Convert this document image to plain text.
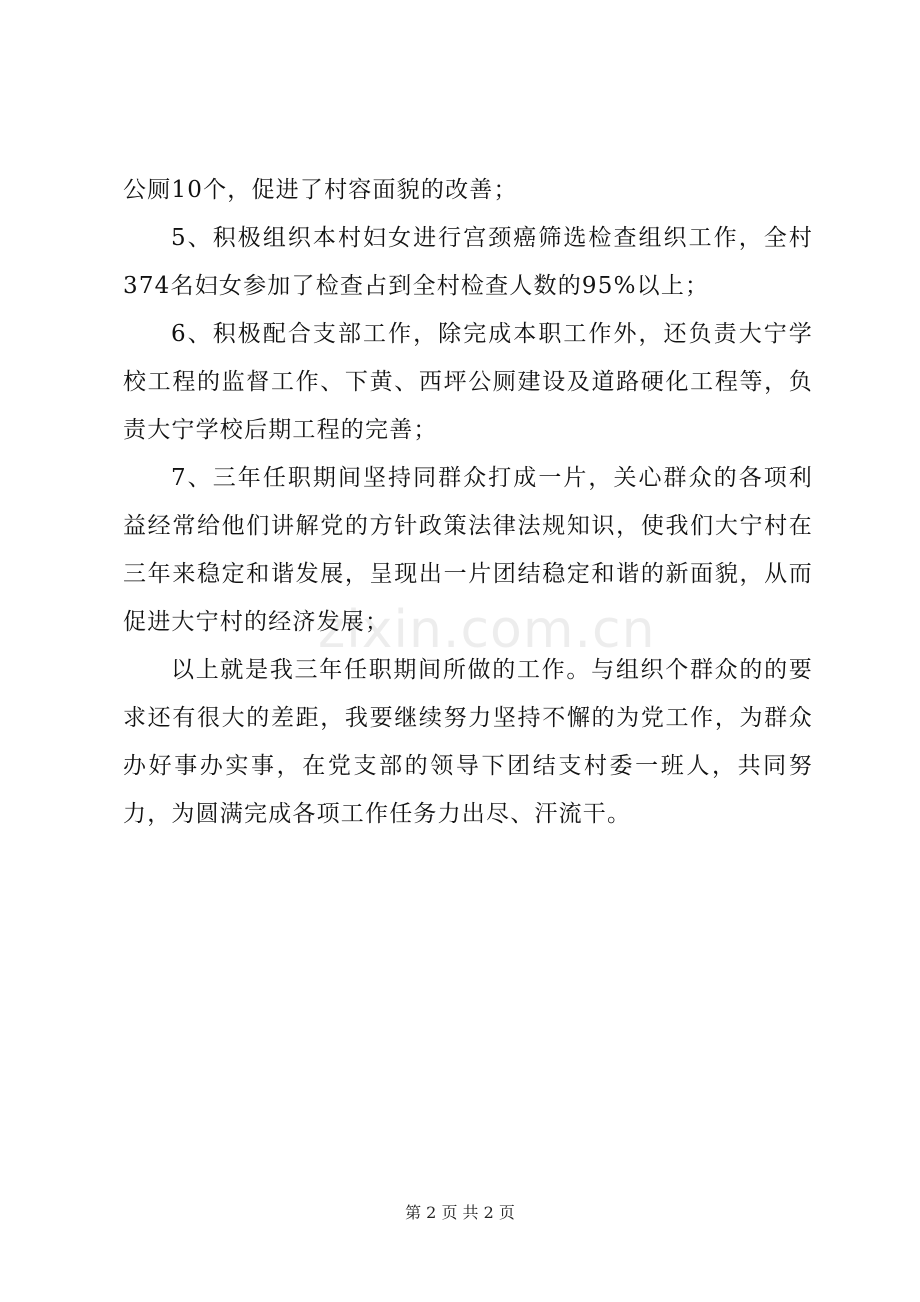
公厕10个，促进了村容面貌的改善；

5、积极组织本村妇女进行宫颈癌筛选检查组织工作，全村374名妇女参加了检查占到全村检查人数的95%以上；

6、积极配合支部工作，除完成本职工作外，还负责大宁学校工程的监督工作、下黄、西坪公厕建设及道路硬化工程等，负责大宁学校后期工程的完善；

7、三年任职期间坚持同群众打成一片，关心群众的各项利益经常给他们讲解党的方针政策法律法规知识，使我们大宁村在三年来稳定和谐发展，呈现出一片团结稳定和谐的新面貌，从而促进大宁村的经济发展；

以上就是我三年任职期间所做的工作。与组织个群众的的要求还有很大的差距，我要继续努力坚持不懈的为党工作，为群众办好事办实事，在党支部的领导下团结支村委一班人，共同努力，为圆满完成各项工作任务力出尽、汗流干。

zixin.com.cn
第 2 页 共 2 页
